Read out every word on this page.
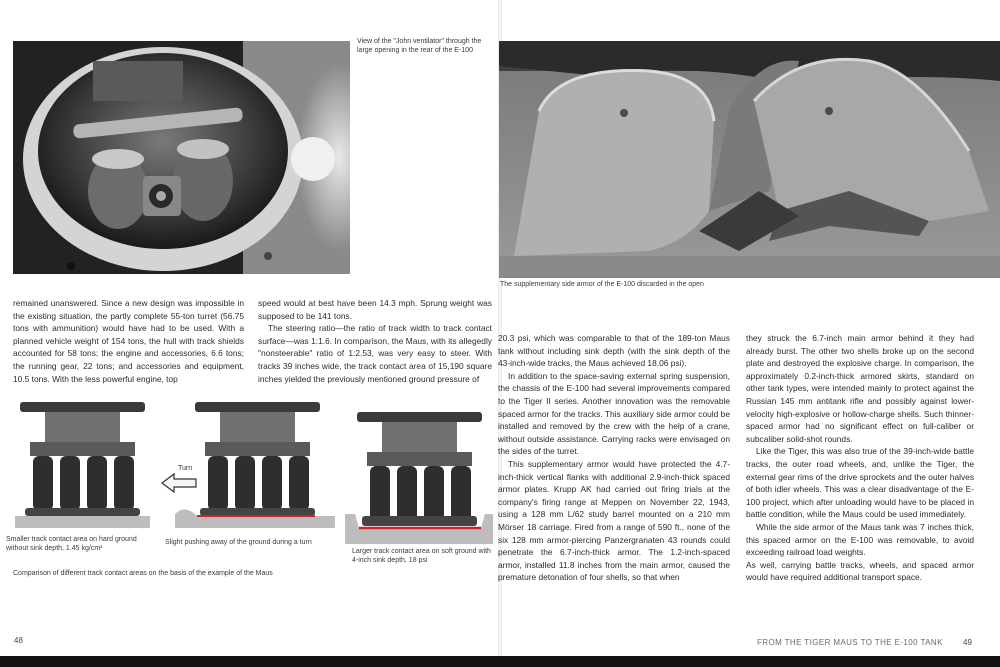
View of the "John ventilator" through the large opening in the rear of the E-100

remained unanswered. Since a new design was impossible in the existing situation, the partly complete 55-ton turret (56.75 tons with ammunition) would have had to be used. With a planned vehicle weight of 154 tons, the hull with track shields accounted for 58 tons; the engine and accessories, 6.6 tons; the running gear, 22 tons; and accessories and equipment, 10.5 tons. With the less powerful engine, top

speed would at best have been 14.3 mph. Sprung weight was supposed to be 141 tons.

The steering ratio—the ratio of track width to track contact surface—was 1:1.6. In comparison, the Maus, with its allegedly "nonsteerable" ratio of 1:2.53, was very easy to steer. With tracks 39 inches wide, the track contact area of 15,190 square inches yielded the previously mentioned ground pressure of

Turn
Smaller track contact area on hard ground without sink depth, 1.45 kg/cm²
Slight pushing away of the ground during a turn
Larger track contact area on soft ground with 4-inch sink depth, 18 psi
Comparison of different track contact areas on the basis of the example of the Maus
48
The supplementary side armor of the E-100 discarded in the open

20.3 psi, which was comparable to that of the 189-ton Maus tank without including sink depth (with the sink depth of the 43-inch-wide tracks, the Maus achieved 18.06 psi).

In addition to the space-saving external spring suspension, the chassis of the E-100 had several improvements compared to the Tiger II series. Another innovation was the removable spaced armor for the tracks. This auxiliary side armor could be installed and removed by the crew with the help of a crane, without outside assistance. Carrying racks were envisaged on the sides of the turret.

This supplementary armor would have protected the 4.7-inch-thick vertical flanks with additional 2.9-inch-thick spaced armor plates. Krupp AK had carried out firing trials at the company's firing range at Meppen on November 22, 1943, using a 128 mm L/62 study barrel mounted on a 210 mm Mörser 18 carriage. Fired from a range of 590 ft., none of the six 128 mm armor-piercing Panzergranaten 43 rounds could penetrate the 6.7-inch-thick armor. The 1.2-inch-spaced armor, installed 11.8 inches from the main armor, caused the premature detonation of four shells, so that when

they struck the 6.7-inch main armor behind it they had already burst. The other two shells broke up on the second plate and destroyed the explosive charge. In comparison, the approximately 0.2-inch-thick armored skirts, standard on other tank types, were intended mainly to protect against the Russian 145 mm antitank rifle and possibly against lower-velocity high-explosive or hollow-charge shells. Such thinner-spaced armor had no significant effect on full-caliber or subcaliber solid-shot rounds.

Like the Tiger, this was also true of the 39-inch-wide battle tracks, the outer road wheels, and, unlike the Tiger, the external gear rims of the drive sprockets and the outer halves of both idler wheels. This was a clear disadvantage of the E-100 project, which after unloading would have to be placed in battle condition, while the Maus could be used immediately.

While the side armor of the Maus tank was 7 inches thick, this spaced armor on the E-100 was removable, to avoid exceeding railroad load weights.

As well, carrying battle tracks, wheels, and spaced armor would have required additional transport space.

FROM THE TIGER MAUS TO THE E-100 TANK	49
